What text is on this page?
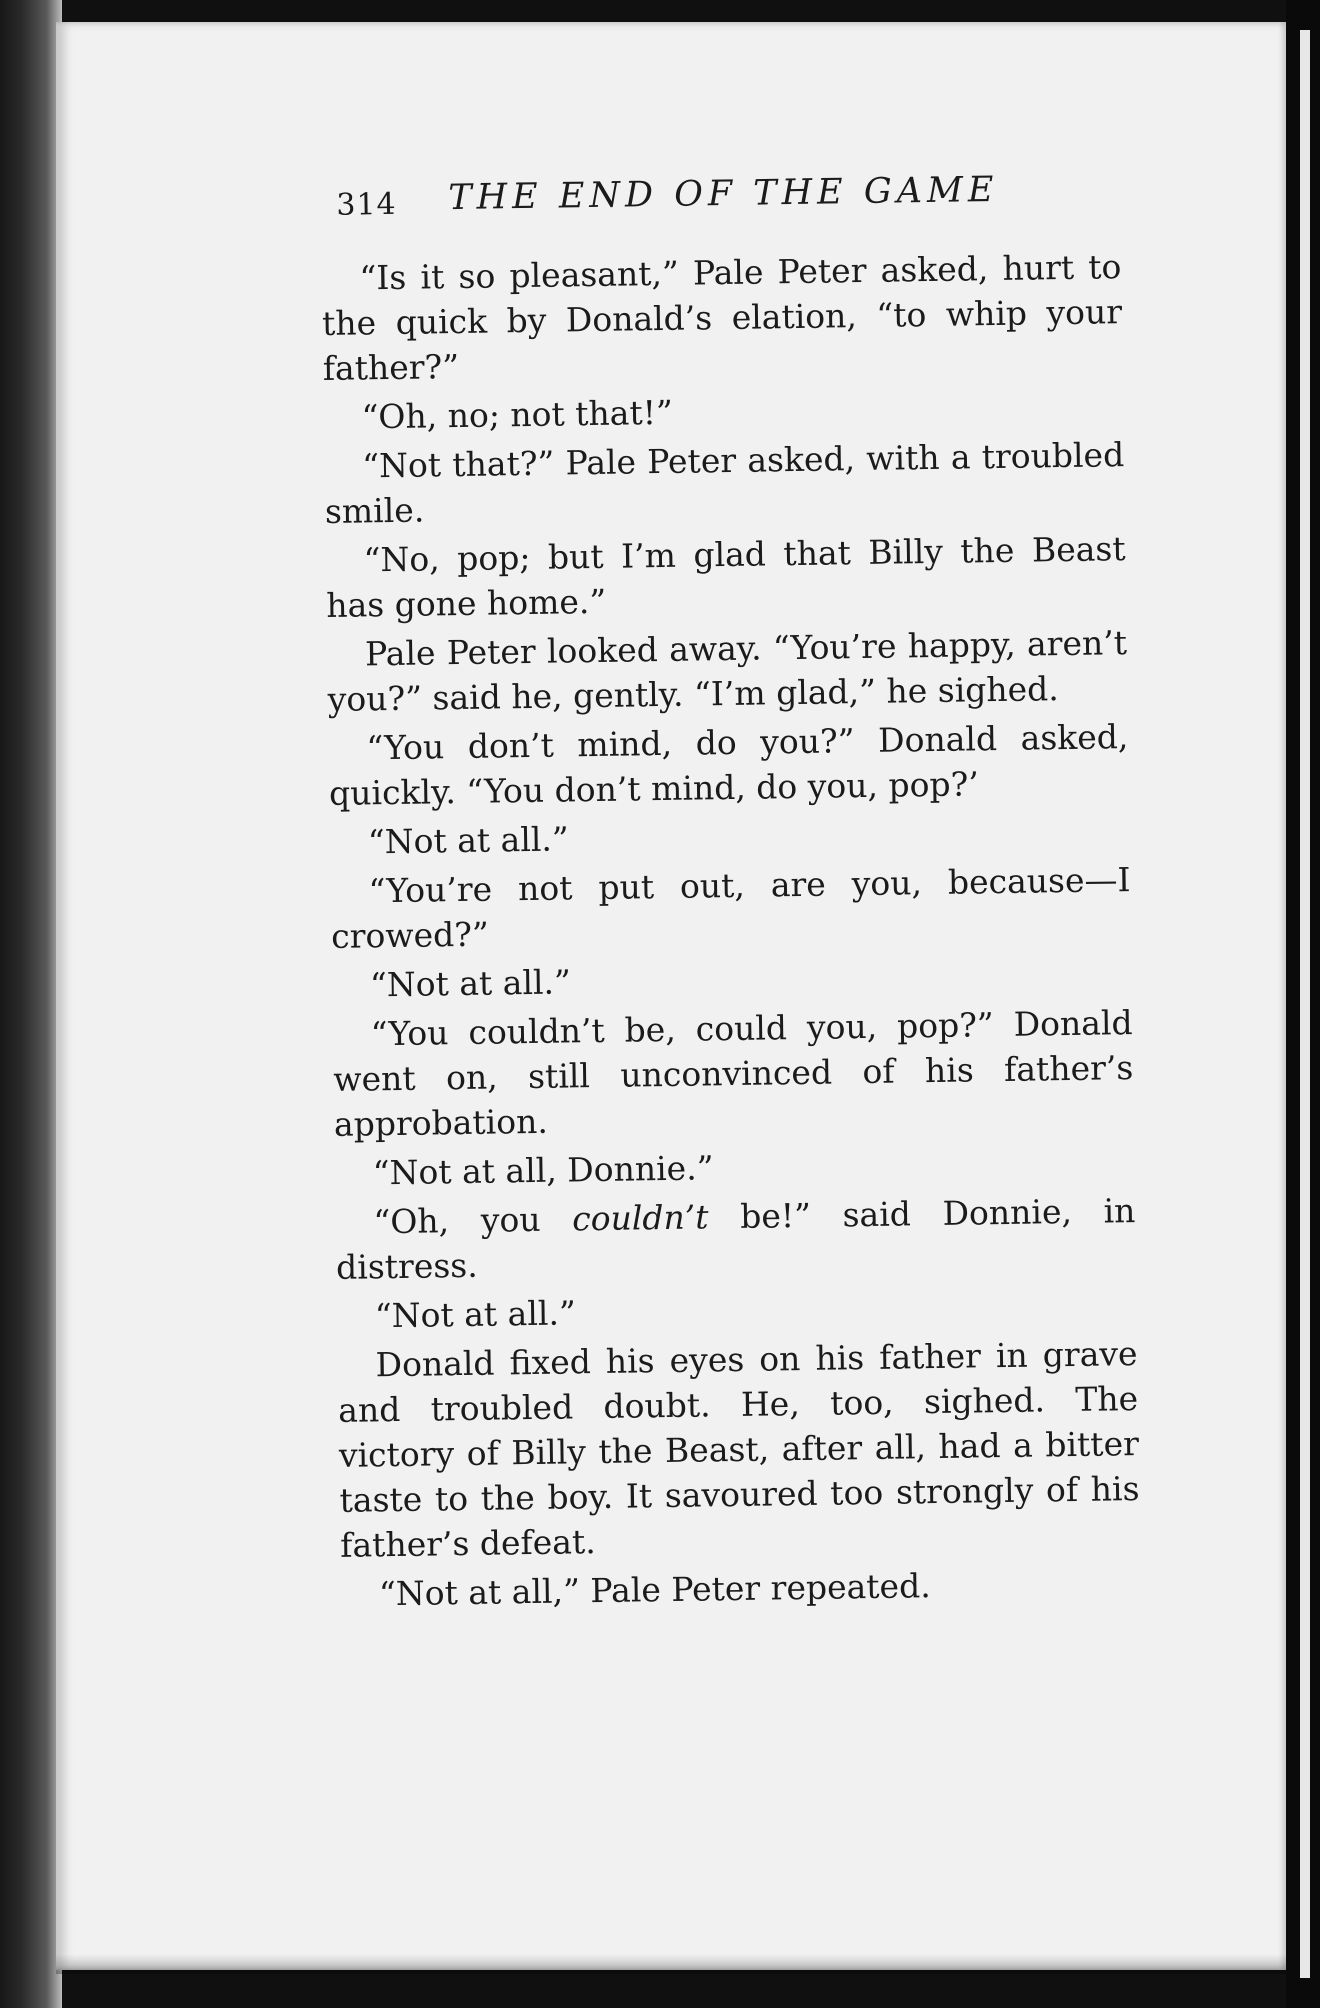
314 THE END OF THE GAME

“Is it so pleasant,” Pale Peter asked, hurt to the quick by Donald’s elation, “to whip your father?”

“Oh, no; not that!”

“Not that?” Pale Peter asked, with a troubled smile.

“No, pop; but I’m glad that Billy the Beast has gone home.”

Pale Peter looked away. “You’re happy, aren’t you?” said he, gently. “I’m glad,” he sighed.

“You don’t mind, do you?” Donald asked, quickly. “You don’t mind, do you, pop?’

“Not at all.”

“You’re not put out, are you, because—I crowed?”

“Not at all.”

“You couldn’t be, could you, pop?” Donald went on, still unconvinced of his father’s approbation.

“Not at all, Donnie.”

“Oh, you couldn’t be!” said Donnie, in distress.

“Not at all.”

Donald fixed his eyes on his father in grave and troubled doubt. He, too, sighed. The victory of Billy the Beast, after all, had a bitter taste to the boy. It savoured too strongly of his father’s defeat.

“Not at all,” Pale Peter repeated.
